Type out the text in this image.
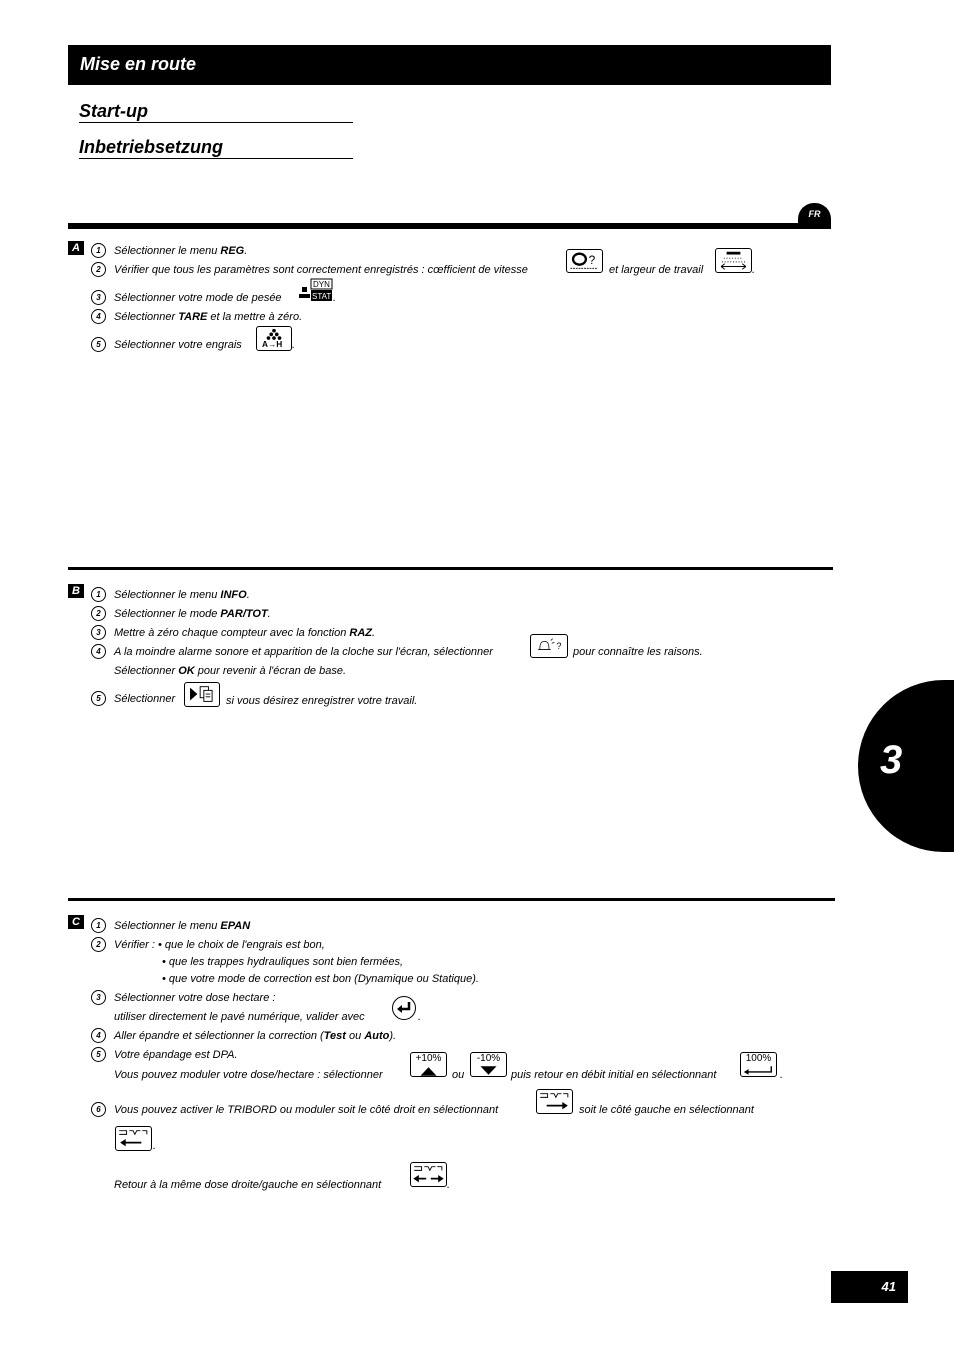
Mise en route
Start-up
Inbetriebsetzung
FR
A	1	Sélectionner le menu REG.
2	Vérifier que tous les paramètres sont correctement enregistrés : cœfficient de vitesse
?
et largeur de travail	.
3	Sélectionner votre mode de pesée
DYN
STAT .
4	Sélectionner TARE et la mettre à zéro.
5	Sélectionner votre engrais A→H .
B	1	Sélectionner le menu INFO.
2	Sélectionner le mode PAR/TOT.
3	Mettre à zéro chaque compteur avec la fonction RAZ.
4	A la moindre alarme sonore et apparition de la cloche sur l'écran, sélectionner
?
pour connaître les raisons.
Sélectionner OK pour revenir à l'écran de base.
5	Sélectionner	si vous désirez enregistrer votre travail.
C	1	Sélectionner le menu EPAN
2	Vérifier : • que le choix de l'engrais est bon,
• que les trappes hydrauliques sont bien fermées,
• que votre mode de correction est bon (Dynamique ou Statique).
3	Sélectionner votre dose hectare :
utiliser directement le pavé numérique, valider avec	.
4	Aller épandre et sélectionner la correction (Test ou Auto).
5	Votre épandage est DPA.
Vous pouvez moduler votre dose/hectare : sélectionner
+10%
ou
-10%
puis retour en débit initial en sélectionnant
100%
.
6	Vous pouvez activer le TRIBORD ou moduler soit le côté droit en sélectionnant	soit le côté gauche en sélectionnant
.
Retour à la même dose droite/gauche en sélectionnant	.
3
41
